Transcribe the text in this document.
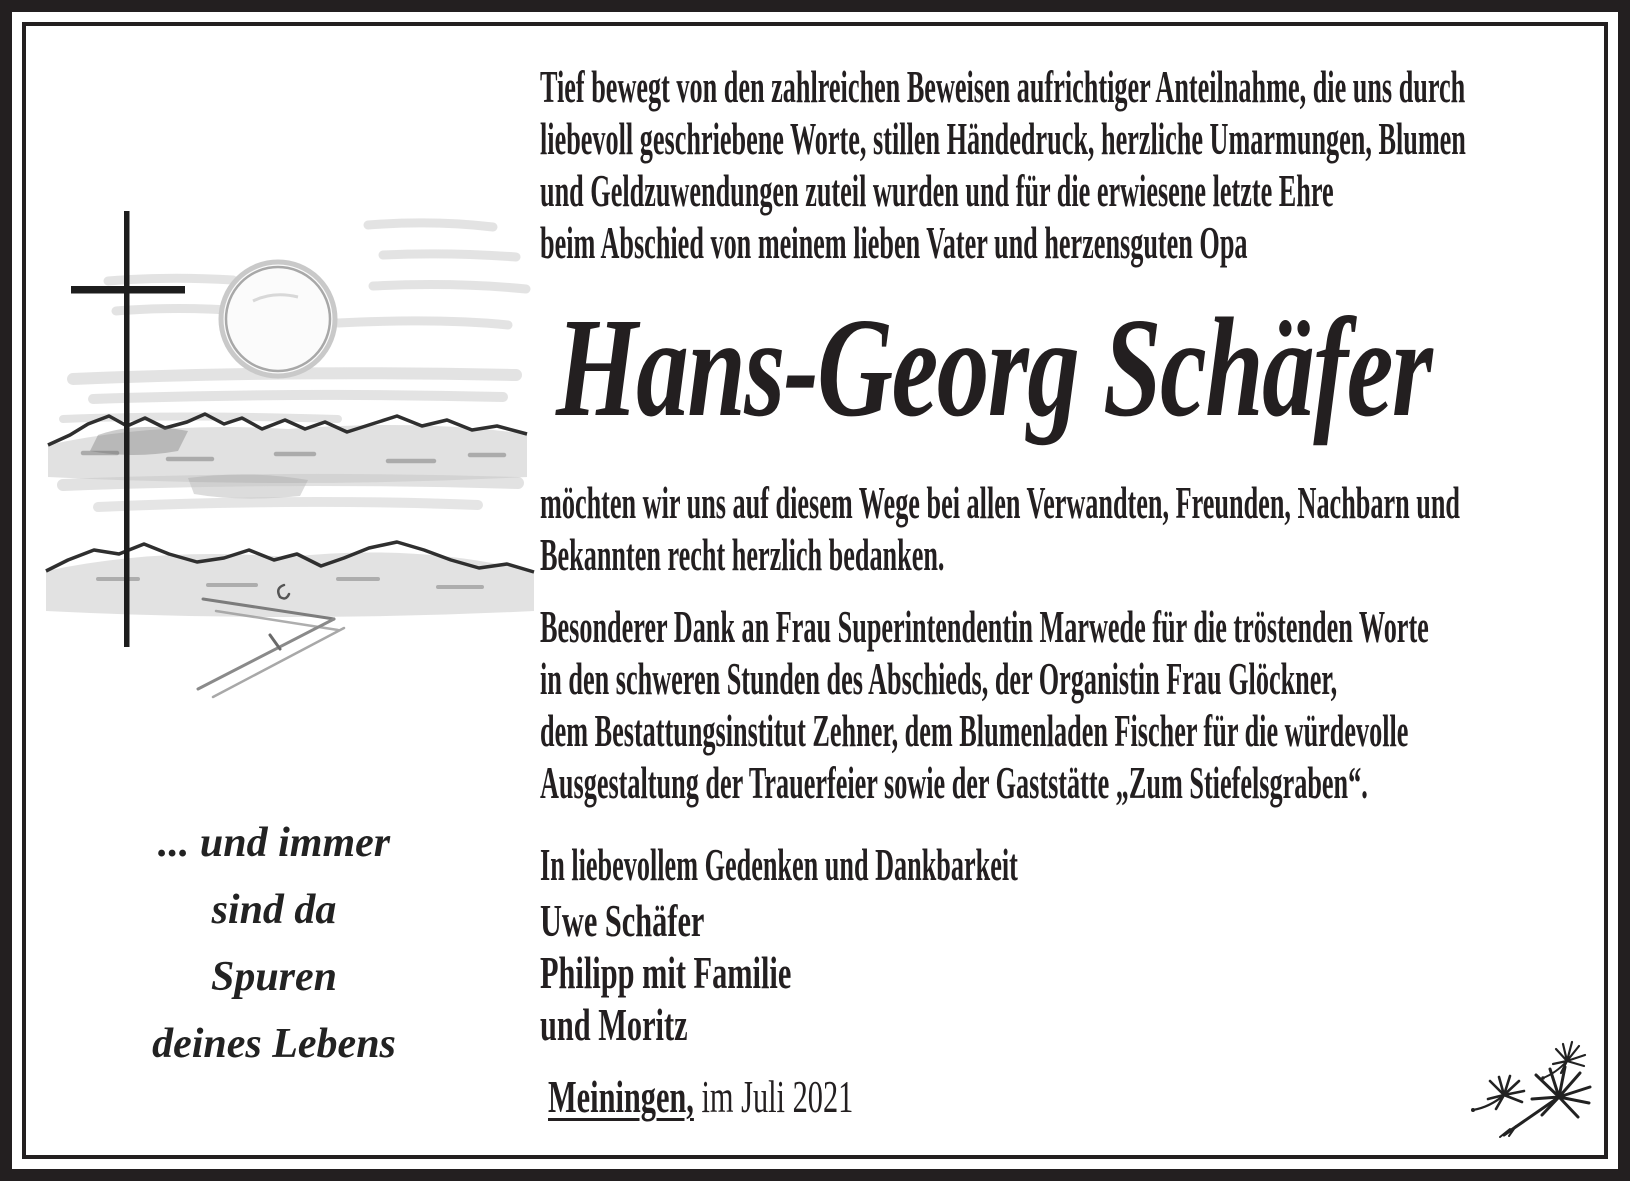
... und immer
sind da
Spuren
deines Lebens
Tief bewegt von den zahlreichen Beweisen aufrichtiger Anteilnahme, die uns durch
liebevoll geschriebene Worte, stillen Händedruck, herzliche Umarmungen, Blumen
und Geldzuwendungen zuteil wurden und für die erwiesene letzte Ehre
beim Abschied von meinem lieben Vater und herzensguten Opa
Hans-Georg Schäfer
möchten wir uns auf diesem Wege bei allen Verwandten, Freunden, Nachbarn und
Bekannten recht herzlich bedanken.
Besonderer Dank an Frau Superintendentin Marwede für die tröstenden Worte
in den schweren Stunden des Abschieds, der Organistin Frau Glöckner,
dem Bestattungsinstitut Zehner, dem Blumenladen Fischer für die würdevolle
Ausgestaltung der Trauerfeier sowie der Gaststätte „Zum Stiefelsgraben“.
In liebevollem Gedenken und Dankbarkeit
Uwe Schäfer
Philipp mit Familie
und Moritz
Meiningen, im Juli 2021
